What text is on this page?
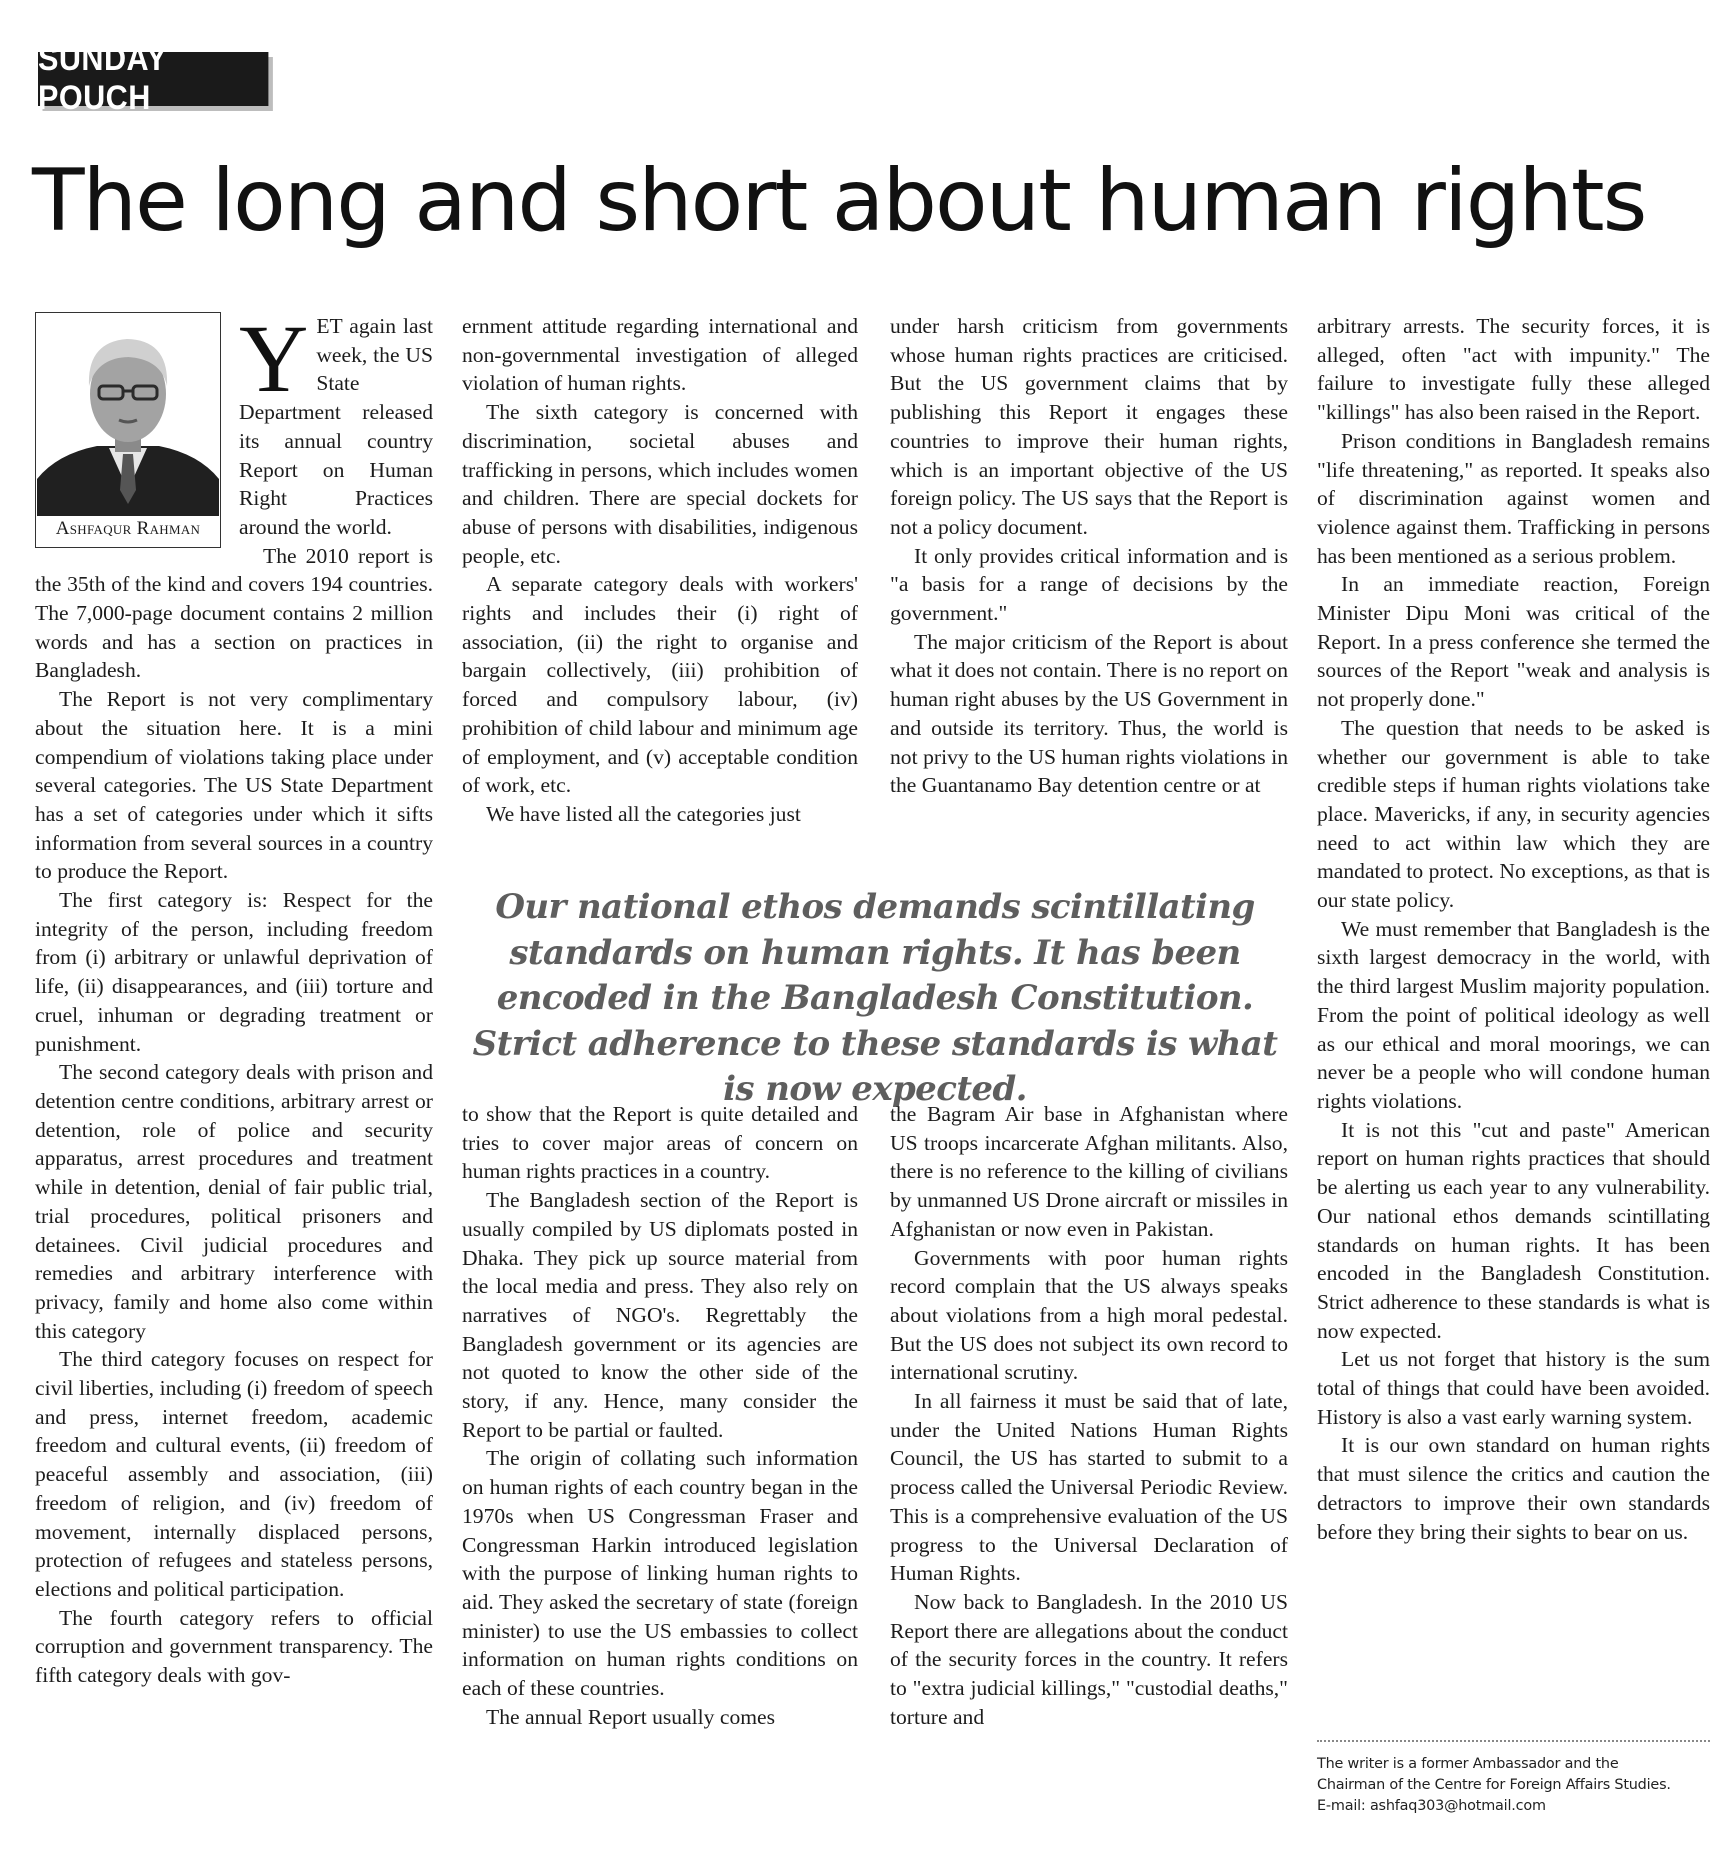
SUNDAY POUCH
The long and short about human rights
Ashfaqur Rahman
Y ET again last week, the US State Department released its annual country Report on Human Right Practices around the world.

The 2010 report is the 35th of the kind and covers 194 countries. The 7,000-page document contains 2 million words and has a section on practices in Bangladesh.

The Report is not very complimentary about the situation here. It is a mini compendium of violations taking place under several categories. The US State Department has a set of categories under which it sifts information from several sources in a country to produce the Report.

The first category is: Respect for the integrity of the person, including freedom from (i) arbitrary or unlawful deprivation of life, (ii) disappearances, and (iii) torture and cruel, inhuman or degrading treatment or punishment.

The second category deals with prison and detention centre conditions, arbitrary arrest or detention, role of police and security apparatus, arrest procedures and treatment while in detention, denial of fair public trial, trial procedures, political prisoners and detainees. Civil judicial procedures and remedies and arbitrary interference with privacy, family and home also come within this category

The third category focuses on respect for civil liberties, including (i) freedom of speech and press, internet freedom, academic freedom and cultural events, (ii) freedom of peaceful assembly and association, (iii) freedom of religion, and (iv) freedom of movement, internally displaced persons, protection of refugees and stateless persons, elections and political participation.

The fourth category refers to official corruption and government transparency. The fifth category deals with gov-

ernment attitude regarding international and non-governmental investigation of alleged violation of human rights.

The sixth category is concerned with discrimination, societal abuses and trafficking in persons, which includes women and children. There are special dockets for abuse of persons with disabilities, indigenous people, etc.

A separate category deals with workers' rights and includes their (i) right of association, (ii) the right to organise and bargain collectively, (iii) prohibition of forced and compulsory labour, (iv) prohibition of child labour and minimum age of employment, and (v) acceptable condition of work, etc.

We have listed all the categories just

under harsh criticism from governments whose human rights practices are criticised. But the US government claims that by publishing this Report it engages these countries to improve their human rights, which is an important objective of the US foreign policy. The US says that the Report is not a policy document.

It only provides critical information and is "a basis for a range of decisions by the government."

The major criticism of the Report is about what it does not contain. There is no report on human right abuses by the US Government in and outside its territory. Thus, the world is not privy to the US human rights violations in the Guantanamo Bay detention centre or at

Our national ethos demands scintillating standards on human rights. It has been encoded in the Bangladesh Constitution. Strict adherence to these standards is what is now expected.

to show that the Report is quite detailed and tries to cover major areas of concern on human rights practices in a country.

The Bangladesh section of the Report is usually compiled by US diplomats posted in Dhaka. They pick up source material from the local media and press. They also rely on narratives of NGO's. Regrettably the Bangladesh government or its agencies are not quoted to know the other side of the story, if any. Hence, many consider the Report to be partial or faulted.

The origin of collating such information on human rights of each country began in the 1970s when US Congressman Fraser and Congressman Harkin introduced legislation with the purpose of linking human rights to aid. They asked the secretary of state (foreign minister) to use the US embassies to collect information on human rights conditions on each of these countries.

The annual Report usually comes

the Bagram Air base in Afghanistan where US troops incarcerate Afghan militants. Also, there is no reference to the killing of civilians by unmanned US Drone aircraft or missiles in Afghanistan or now even in Pakistan.

Governments with poor human rights record complain that the US always speaks about violations from a high moral pedestal. But the US does not subject its own record to international scrutiny.

In all fairness it must be said that of late, under the United Nations Human Rights Council, the US has started to submit to a process called the Universal Periodic Review. This is a comprehensive evaluation of the US progress to the Universal Declaration of Human Rights.

Now back to Bangladesh. In the 2010 US Report there are allegations about the conduct of the security forces in the country. It refers to "extra judicial killings," "custodial deaths," torture and

arbitrary arrests. The security forces, it is alleged, often "act with impunity." The failure to investigate fully these alleged "killings" has also been raised in the Report.

Prison conditions in Bangladesh remains "life threatening," as reported. It speaks also of discrimination against women and violence against them. Trafficking in persons has been mentioned as a serious problem.

In an immediate reaction, Foreign Minister Dipu Moni was critical of the Report. In a press conference she termed the sources of the Report "weak and analysis is not properly done."

The question that needs to be asked is whether our government is able to take credible steps if human rights violations take place. Mavericks, if any, in security agencies need to act within law which they are mandated to protect. No exceptions, as that is our state policy.

We must remember that Bangladesh is the sixth largest democracy in the world, with the third largest Muslim majority population. From the point of political ideology as well as our ethical and moral moorings, we can never be a people who will condone human rights violations.

It is not this "cut and paste" American report on human rights practices that should be alerting us each year to any vulnerability. Our national ethos demands scintillating standards on human rights. It has been encoded in the Bangladesh Constitution. Strict adherence to these standards is what is now expected.

Let us not forget that history is the sum total of things that could have been avoided. History is also a vast early warning system.

It is our own standard on human rights that must silence the critics and caution the detractors to improve their own standards before they bring their sights to bear on us.

The writer is a former Ambassador and the
Chairman of the Centre for Foreign Affairs Studies.
E-mail: ashfaq303@hotmail.com
